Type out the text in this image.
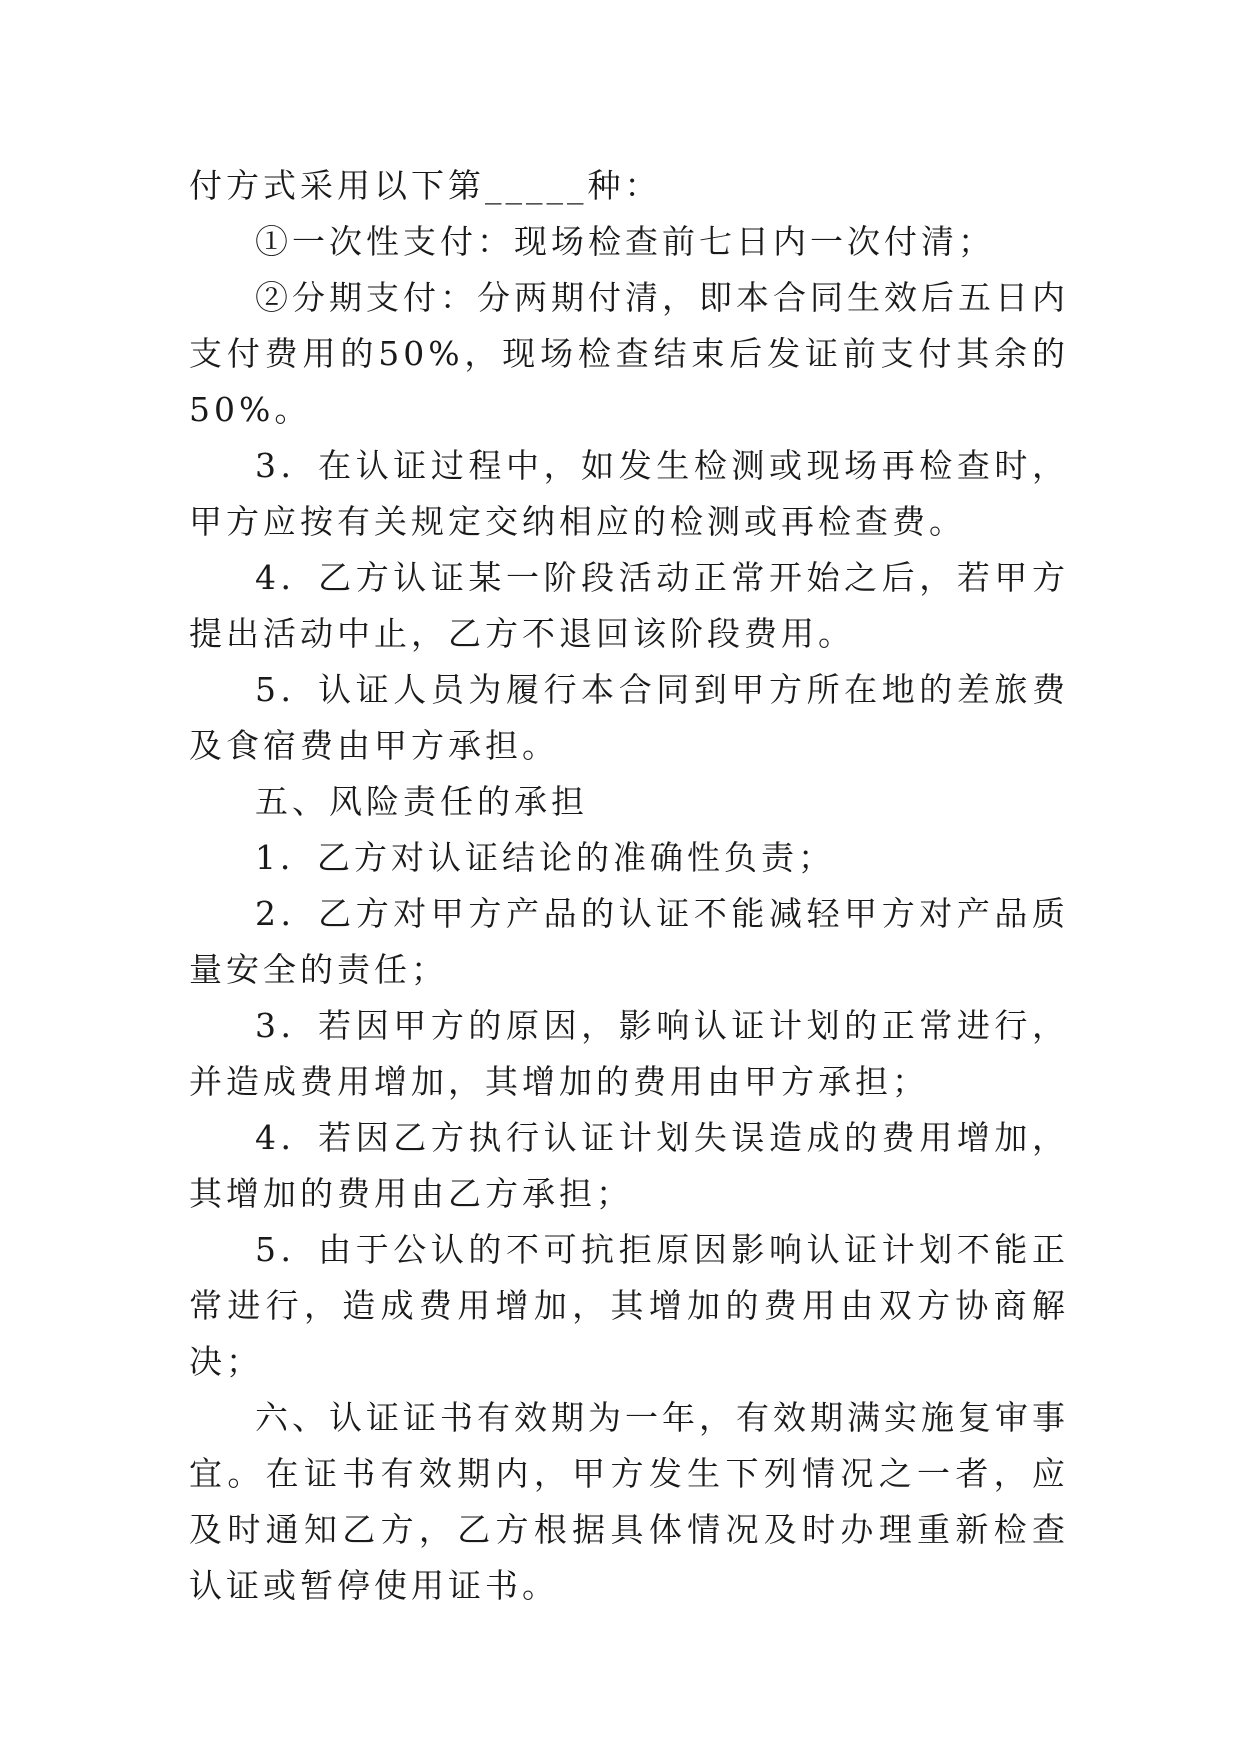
付方式采用以下第_____种：

①一次性支付：现场检查前七日内一次付清；

②分期支付：分两期付清，即本合同生效后五日内支付费用的50%，现场检查结束后发证前支付其余的50%。

3．在认证过程中，如发生检测或现场再检查时，甲方应按有关规定交纳相应的检测或再检查费。

4．乙方认证某一阶段活动正常开始之后，若甲方提出活动中止，乙方不退回该阶段费用。

5．认证人员为履行本合同到甲方所在地的差旅费及食宿费由甲方承担。

五、风险责任的承担

1．乙方对认证结论的准确性负责；

2．乙方对甲方产品的认证不能减轻甲方对产品质量安全的责任；

3．若因甲方的原因，影响认证计划的正常进行，并造成费用增加，其增加的费用由甲方承担；

4．若因乙方执行认证计划失误造成的费用增加，其增加的费用由乙方承担；

5．由于公认的不可抗拒原因影响认证计划不能正常进行，造成费用增加，其增加的费用由双方协商解决；

六、认证证书有效期为一年，有效期满实施复审事宜。在证书有效期内，甲方发生下列情况之一者，应及时通知乙方，乙方根据具体情况及时办理重新检查认证或暂停使用证书。
